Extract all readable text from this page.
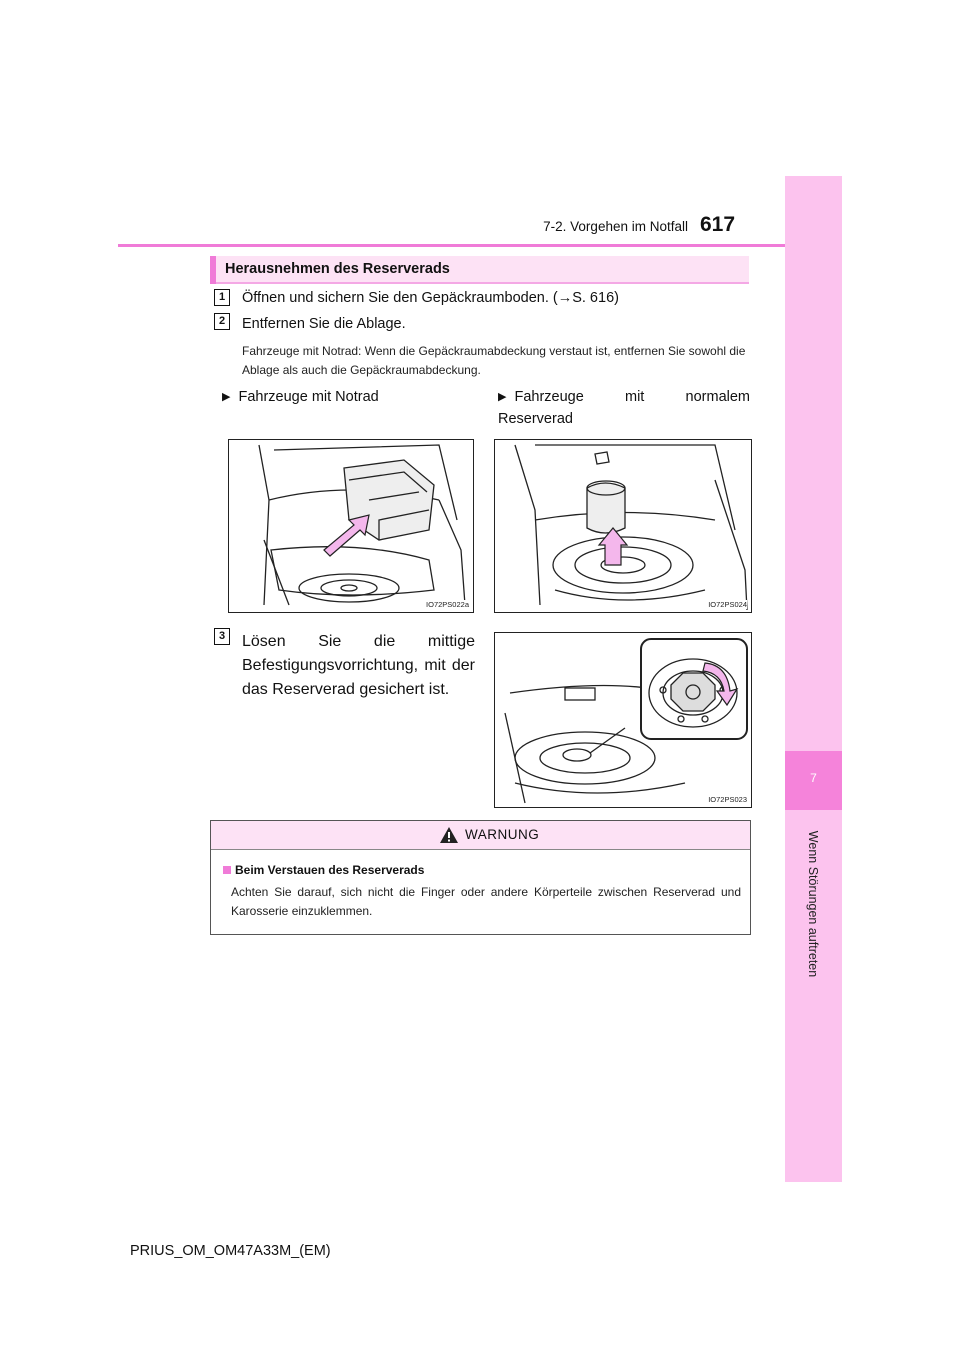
7-2. Vorgehen im Notfall 617
7
Wenn Störungen auftreten
Herausnehmen des Reserverads
1	Öffnen und sichern Sie den Gepäckraumboden. (→S. 616)
2	Entfernen Sie die Ablage.
Fahrzeuge mit Notrad: Wenn die Gepäckraumabdeckung verstaut ist, entfernen Sie sowohl die Ablage als auch die Gepäckraumabdeckung.
▶ Fahrzeuge mit Notrad	▶ Fahrzeuge mit normalem Reserverad
IO72PS022a	IO72PS024
3	Lösen Sie die mittige Befestigungsvorrichtung, mit der das Reserverad gesichert ist.
IO72PS023
WARNUNG
Beim Verstauen des Reserverads
Achten Sie darauf, sich nicht die Finger oder andere Körperteile zwischen Reserverad und Karosserie einzuklemmen.
PRIUS_OM_OM47A33M_(EM)
